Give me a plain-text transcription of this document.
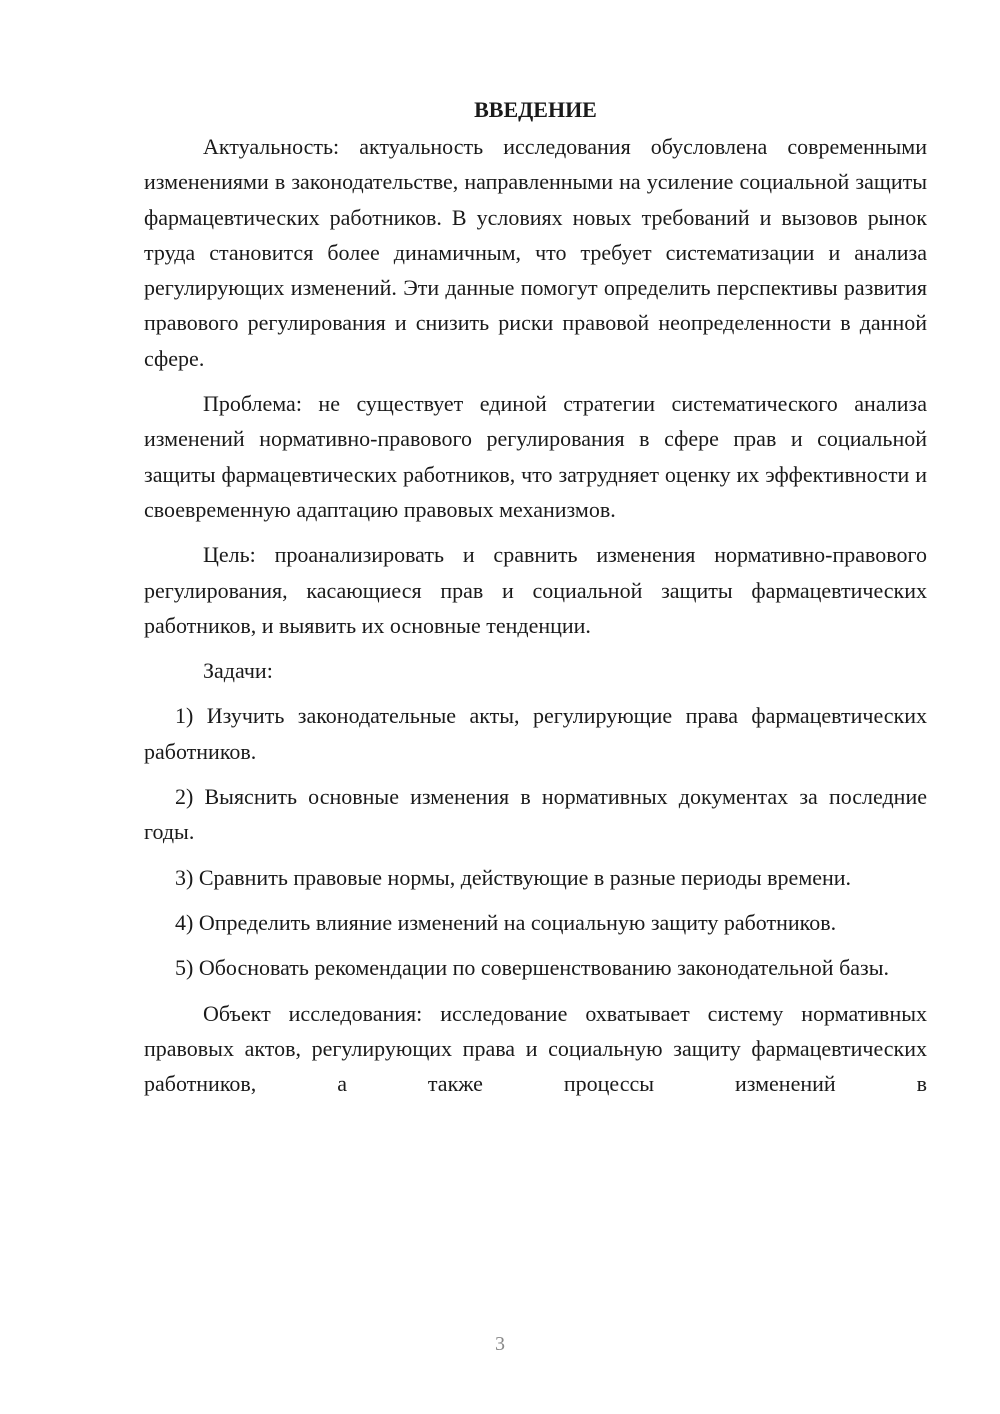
ВВЕДЕНИЕ

Актуальность: актуальность исследования обусловлена современными изменениями в законодательстве, направленными на усиление социальной защиты фармацевтических работников. В условиях новых требований и вызовов рынок труда становится более динамичным, что требует систематизации и анализа регулирующих изменений. Эти данные помогут определить перспективы развития правового регулирования и снизить риски правовой неопределенности в данной сфере.

Проблема: не существует единой стратегии систематического анализа изменений нормативно-правового регулирования в сфере прав и социальной защиты фармацевтических работников, что затрудняет оценку их эффективности и своевременную адаптацию правовых механизмов.

Цель: проанализировать и сравнить изменения нормативно-правового регулирования, касающиеся прав и социальной защиты фармацевтических работников, и выявить их основные тенденции.

Задачи:

1) Изучить законодательные акты, регулирующие права фармацевтических работников.

2) Выяснить основные изменения в нормативных документах за последние годы.

3) Сравнить правовые нормы, действующие в разные периоды времени.

4) Определить влияние изменений на социальную защиту работников.

5) Обосновать рекомендации по совершенствованию законодательной базы.

Объект исследования: исследование охватывает систему нормативных правовых актов, регулирующих права и социальную защиту фармацевтических работников, а также процессы изменений в

3
